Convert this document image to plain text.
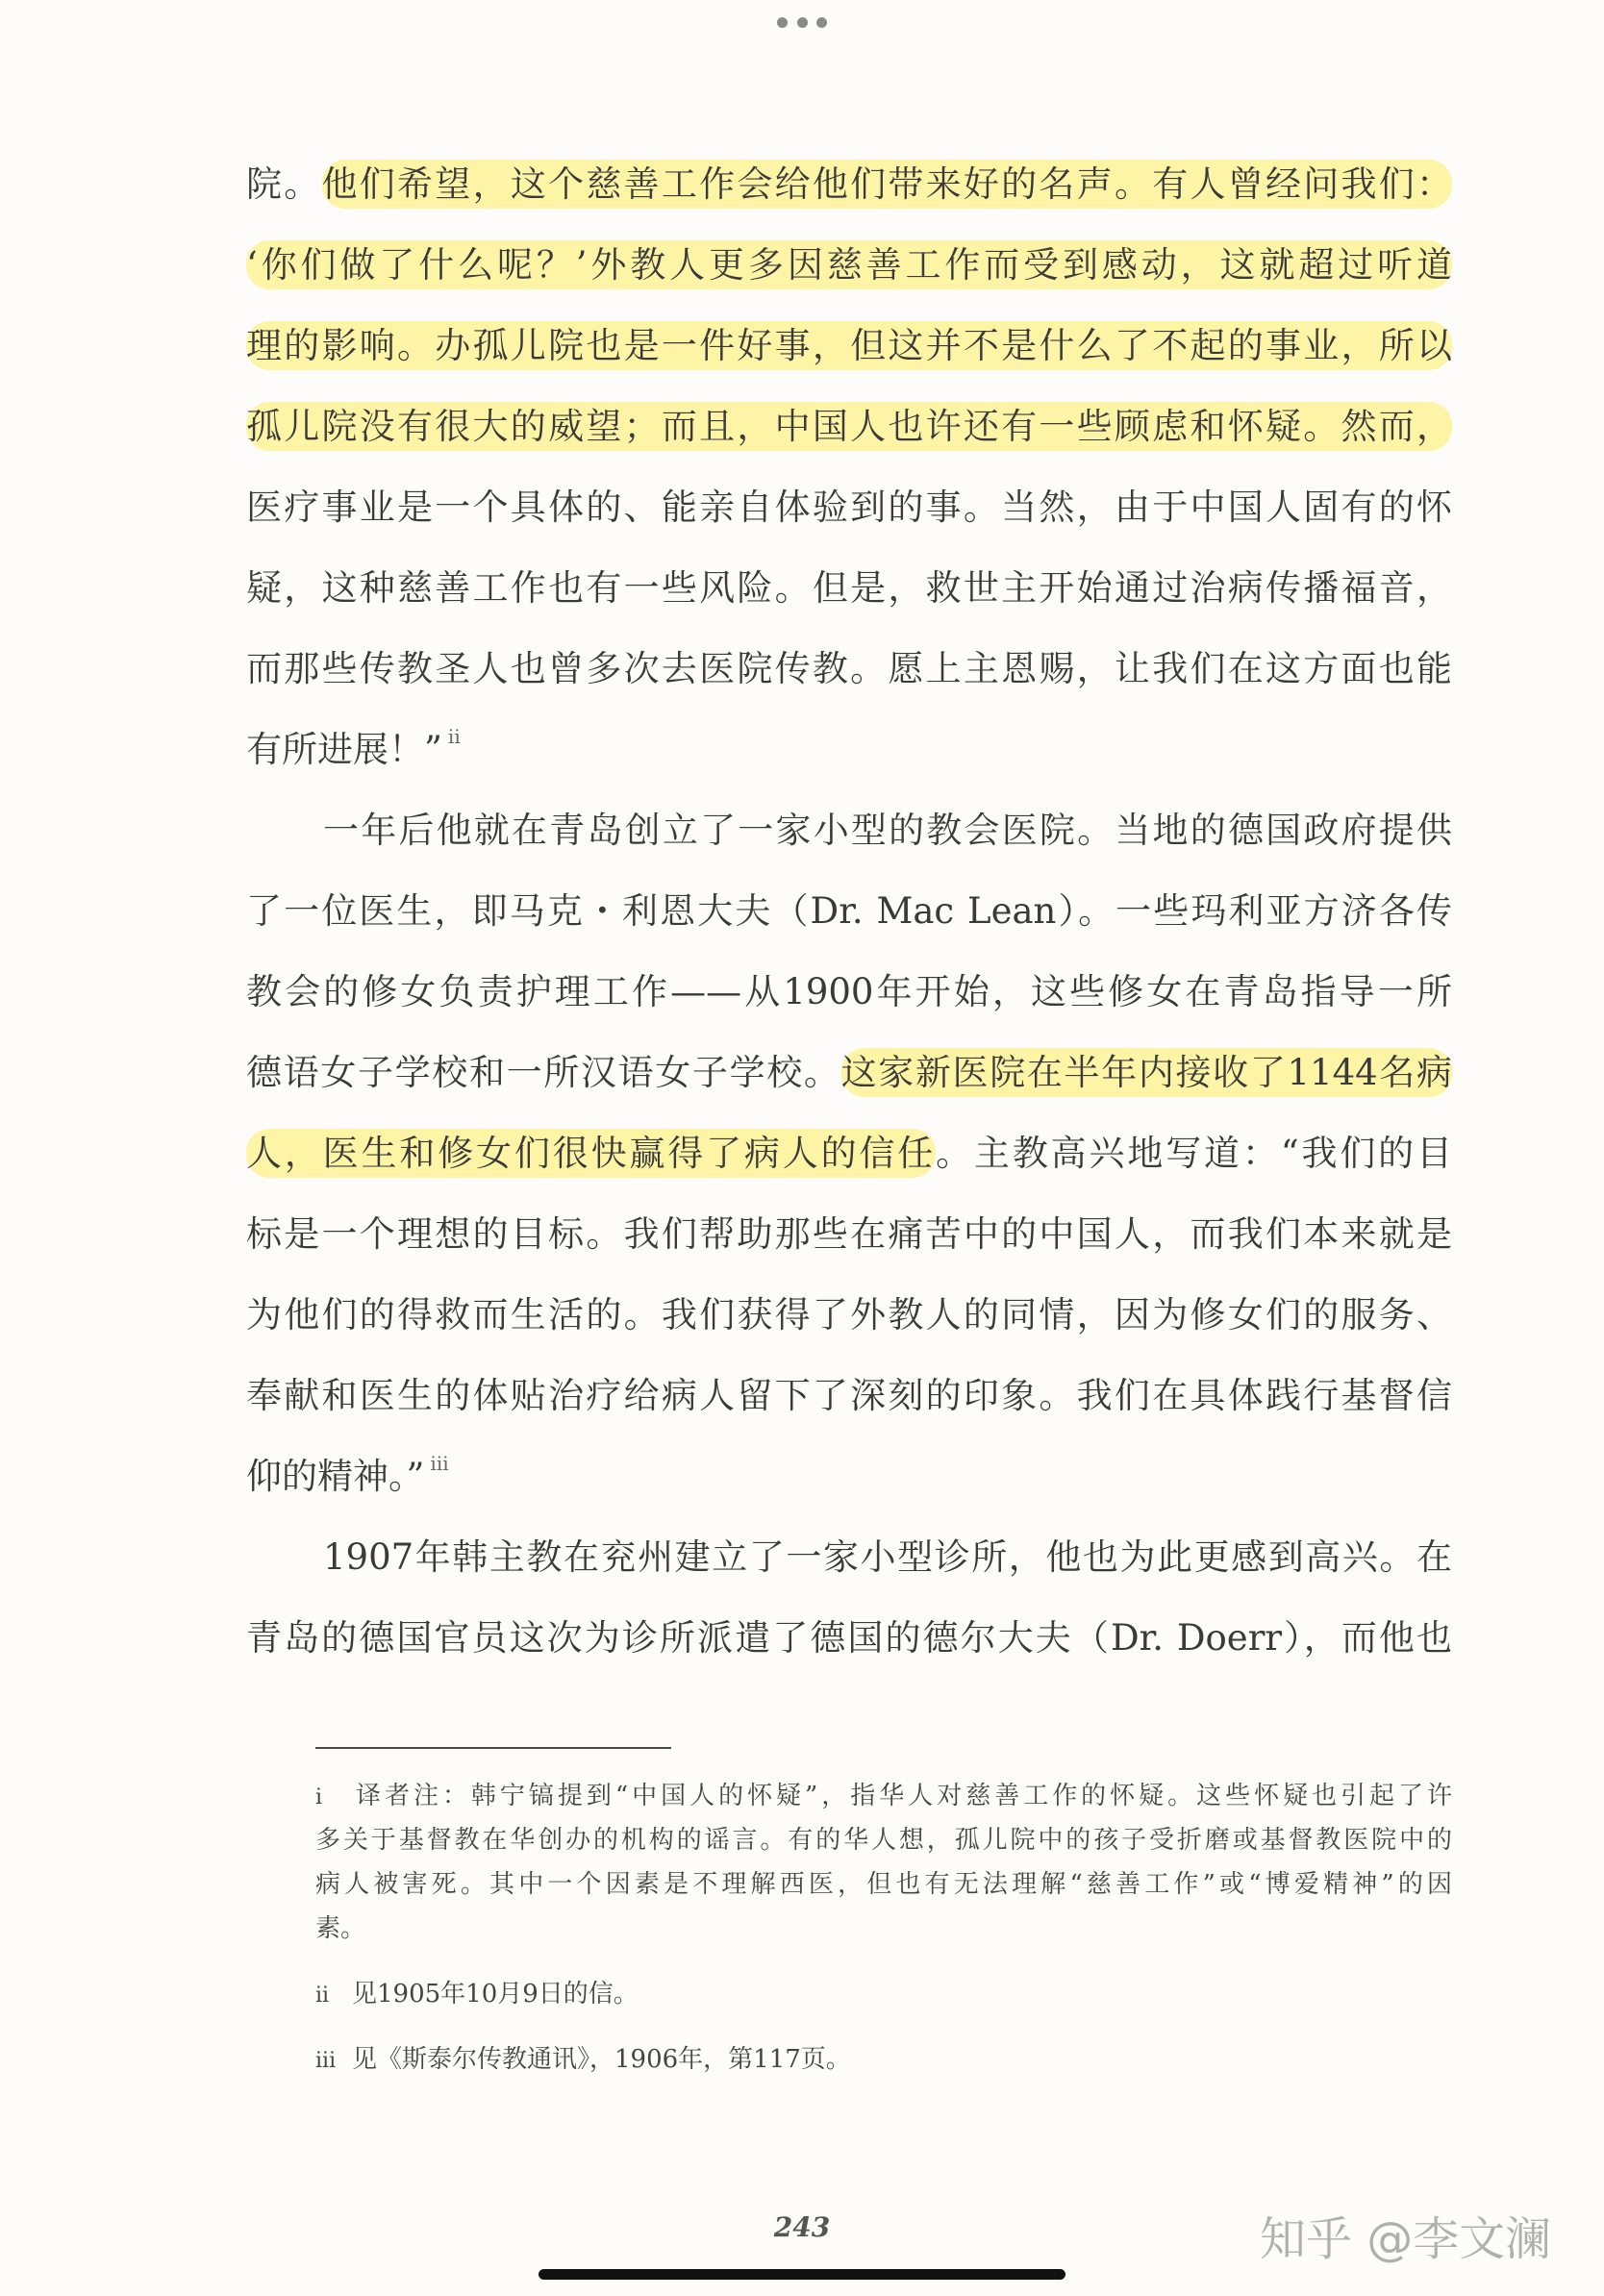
院。他们希望，这个慈善工作会给他们带来好的名声。有人曾经问我们：
‘你们做了什么呢？’外教人更多因慈善工作而受到感动，这就超过听道
理的影响。办孤儿院也是一件好事，但这并不是什么了不起的事业，所以
孤儿院没有很大的威望；而且，中国人也许还有一些顾虑和怀疑。然而，
医疗事业是一个具体的、能亲自体验到的事。当然，由于中国人固有的怀
疑，这种慈善工作也有一些风险。但是，救世主开始通过治病传播福音，
而那些传教圣人也曾多次去医院传教。愿上主恩赐，让我们在这方面也能
有所进展！” $^{ii}$
一年后他就在青岛创立了一家小型的教会医院。当地的德国政府提供
了一位医生，即马克・利恩大夫（Dr. Mac Lean）。一些玛利亚方济各传
教会的修女负责护理工作——从1900年开始，这些修女在青岛指导一所
德语女子学校和一所汉语女子学校。这家新医院在半年内接收了1144名病
人，医生和修女们很快赢得了病人的信任。主教高兴地写道：“我们的目
标是一个理想的目标。我们帮助那些在痛苦中的中国人，而我们本来就是
为他们的得救而生活的。我们获得了外教人的同情，因为修女们的服务、
奉献和医生的体贴治疗给病人留下了深刻的印象。我们在具体践行基督信
仰的精神。” $^{iii}$
1907年韩主教在兖州建立了一家小型诊所，他也为此更感到高兴。在
青岛的德国官员这次为诊所派遣了德国的德尔大夫（Dr. Doerr），而他也
i 译者注：韩宁镐提到“中国人的怀疑”，指华人对慈善工作的怀疑。这些怀疑也引起了许
多关于基督教在华创办的机构的谣言。有的华人想，孤儿院中的孩子受折磨或基督教医院中的
病人被害死。其中一个因素是不理解西医，但也有无法理解“慈善工作”或“博爱精神”的因
素。
ii 见1905年10月9日的信。
iii 见《斯泰尔传教通讯》，1906年，第117页。
243	知乎 @李文澜
